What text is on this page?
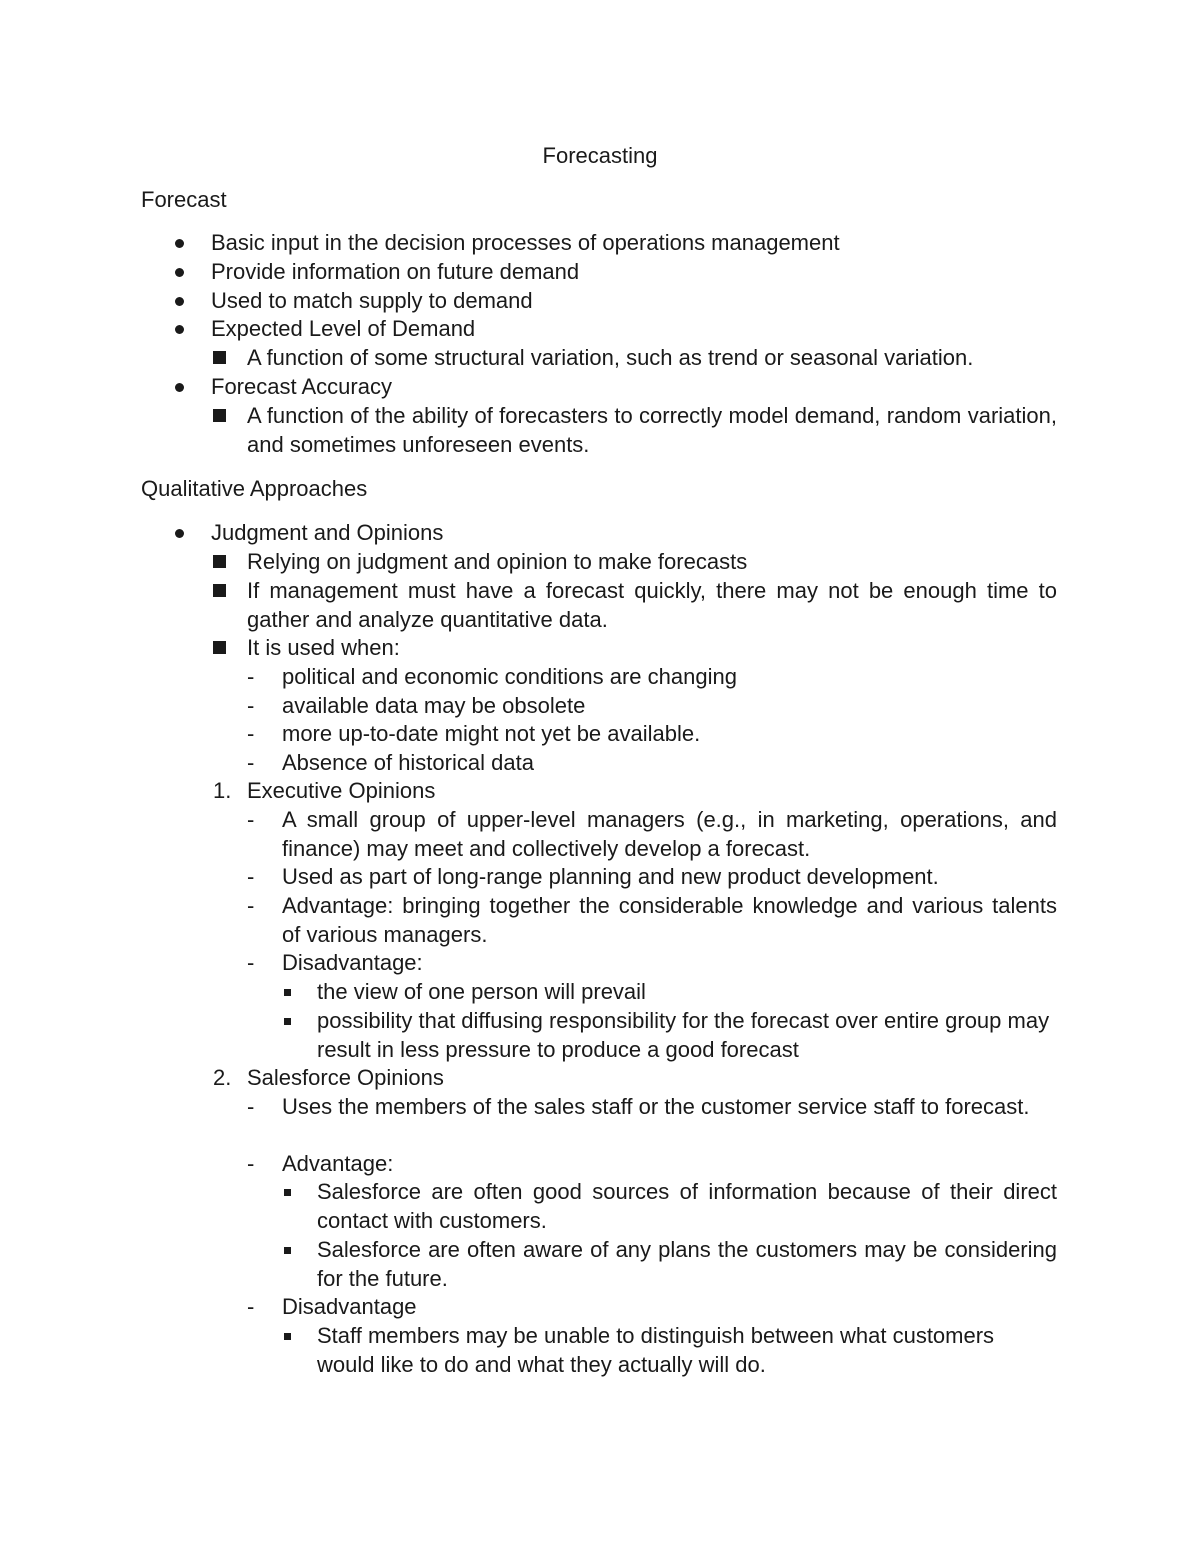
Forecasting
Forecast
Basic input in the decision processes of operations management
Provide information on future demand
Used to match supply to demand
Expected Level of Demand
A function of some structural variation, such as trend or seasonal variation.
Forecast Accuracy
A function of the ability of forecasters to correctly model demand, random variation, and sometimes unforeseen events.
Qualitative Approaches
Judgment and Opinions
Relying on judgment and opinion to make forecasts
If management must have a forecast quickly, there may not be enough time to gather and analyze quantitative data.
It is used when:
- political and economic conditions are changing
- available data may be obsolete
- more up-to-date might not yet be available.
- Absence of historical data
1. Executive Opinions
- A small group of upper-level managers (e.g., in marketing, operations, and finance) may meet and collectively develop a forecast.
- Used as part of long-range planning and new product development.
- Advantage: bringing together the considerable knowledge and various talents of various managers.
- Disadvantage:
the view of one person will prevail
possibility that diffusing responsibility for the forecast over entire group may result in less pressure to produce a good forecast
2. Salesforce Opinions
- Uses the members of the sales staff or the customer service staff to forecast.
- Advantage:
Salesforce are often good sources of information because of their direct contact with customers.
Salesforce are often aware of any plans the customers may be considering for the future.
- Disadvantage
Staff members may be unable to distinguish between what customers would like to do and what they actually will do.
